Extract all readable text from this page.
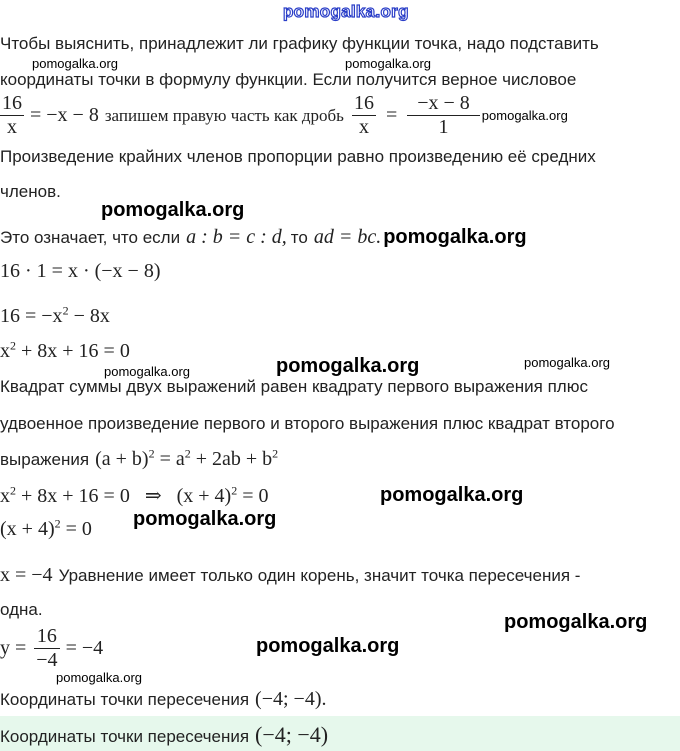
pomogalka.org
Чтобы выяснить, принадлежит ли графику функции точка, надо подставить
pomogalka.org	pomogalka.org
координаты точки в формулу функции. Если получится верное числовое
$\frac{16}{x} = -x - 8$ запишем правую часть как дробь $\frac{16}{x} = \frac{-x - 8}{1}$ pomogalka.org
Произведение крайних членов пропорции равно произведению её средних
членов.
pomogalka.org
Это означает, что если a : b = c : d, то ad = bc. pomogalka.org
16 · 1 = x · (−x − 8)
$16 = -x^2 - 8x$
$x^2 + 8x + 16 = 0$
pomogalka.org	pomogalka.org	pomogalka.org
Квадрат суммы двух выражений равен квадрату первого выражения плюс
удвоенное произведение первого и второго выражения плюс квадрат второго
выражения $(a + b)^2 = a^2 + 2ab + b^2$
$x^2 + 8x + 16 = 0$   ⇒   $(x + 4)^2 = 0$	pomogalka.org
$(x + 4)^2 = 0$ pomogalka.org
x = −4 Уравнение имеет только один корень, значит точка пересечения -
одна.
pomogalka.org
$y = \frac{16}{-4} = -4$	pomogalka.org
pomogalka.org
Координаты точки пересечения (−4; −4).
Координаты точки пересечения (−4; −4)
